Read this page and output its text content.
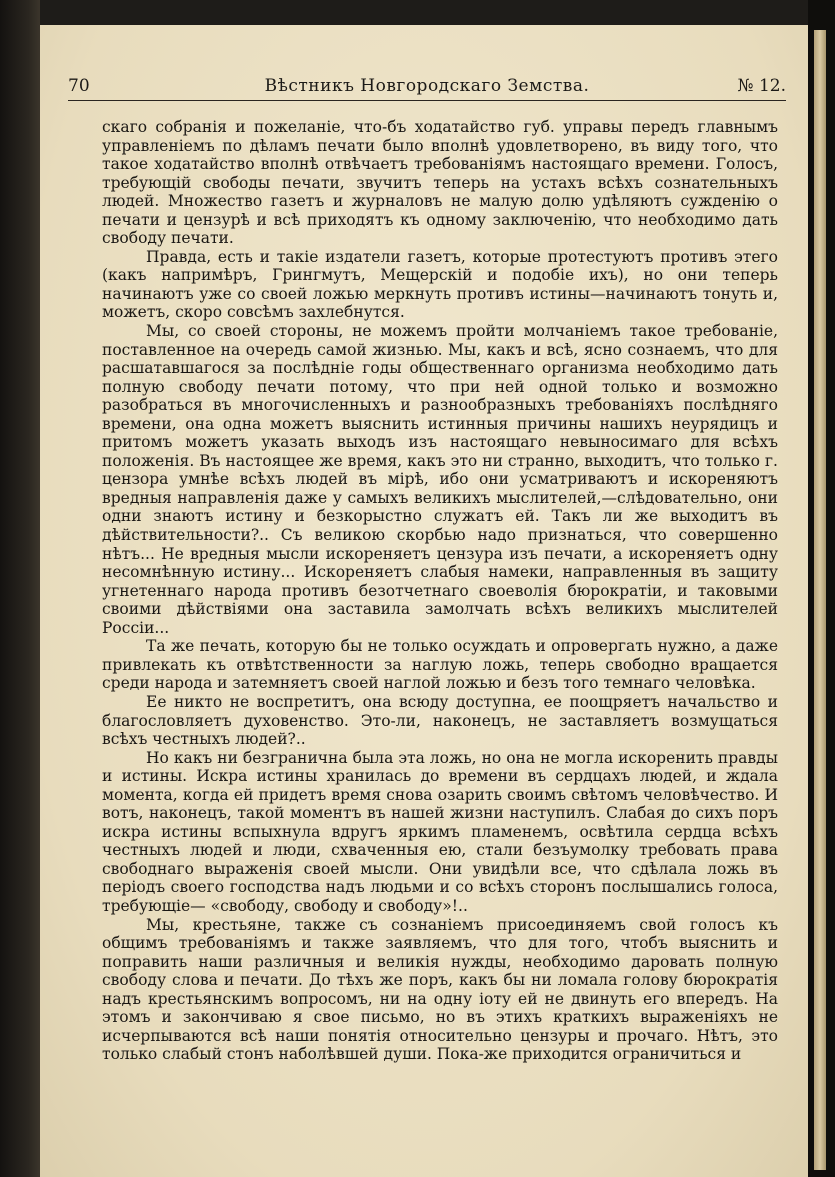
70	Вѣстникъ Новгородскаго Земства.	№ 12.

скаго собранія и пожеланіе, что-бъ ходатайство губ. управы передъ главнымъ управленіемъ по дѣламъ печати было вполнѣ удовлетворено, въ виду того, что такое ходатайство вполнѣ отвѣчаетъ требованіямъ настоящаго времени. Голосъ, требующій свободы печати, звучитъ теперь на устахъ всѣхъ сознательныхъ людей. Множество газетъ и журналовъ не малую долю удѣляютъ сужденію о печати и цензурѣ и всѣ приходятъ къ одному заключенію, что необходимо дать свободу печати.

Правда, есть и такіе издатели газетъ, которые протестуютъ противъ этего (какъ напримѣръ, Грингмутъ, Мещерскій и подобіе ихъ), но они теперь начинаютъ уже со своей ложью меркнуть противъ истины—начинаютъ тонуть и, можетъ, скоро совсѣмъ захлебнутся.

Мы, со своей стороны, не можемъ пройти молчаніемъ такое требованіе, поставленное на очередь самой жизнью. Мы, какъ и всѣ, ясно сознаемъ, что для расшатавшагося за послѣдніе годы общественнаго организма необходимо дать полную свободу печати потому, что при ней одной только и возможно разобраться въ многочисленныхъ и разнообразныхъ требованіяхъ послѣдняго времени, она одна можетъ выяснить истинныя причины нашихъ неурядицъ и притомъ можетъ указать выходъ изъ настоящаго невыносимаго для всѣхъ положенія. Въ настоящее же время, какъ это ни странно, выходитъ, что только г. цензора умнѣе всѣхъ людей въ мірѣ, ибо они усматриваютъ и искореняютъ вредныя направленія даже у самыхъ великихъ мыслителей,—слѣдовательно, они одни знаютъ истину и безкорыстно служатъ ей. Такъ ли же выходитъ въ дѣйствительности?.. Съ великою скорбью надо признаться, что совершенно нѣтъ... Не вредныя мысли искореняетъ цензура изъ печати, а искореняетъ одну несомнѣнную истину... Искореняетъ слабыя намеки, направленныя въ защиту угнетеннаго народа противъ безотчетнаго своеволія бюрократіи, и таковыми своими дѣйствіями она заставила замолчать всѣхъ великихъ мыслителей Россіи...

Та же печать, которую бы не только осуждать и опровергать нужно, а даже привлекать къ отвѣтственности за наглую ложь, теперь свободно вращается среди народа и затемняетъ своей наглой ложью и безъ того темнаго человѣка.

Ее никто не воспретитъ, она всюду доступна, ее поощряетъ начальство и благословляетъ духовенство. Это-ли, наконецъ, не заставляетъ возмущаться всѣхъ честныхъ людей?..

Но какъ ни безгранична была эта ложь, но она не могла искоренить правды и истины. Искра истины хранилась до времени въ сердцахъ людей, и ждала момента, когда ей придетъ время снова озарить своимъ свѣтомъ человѣчество. И вотъ, наконецъ, такой моментъ въ нашей жизни наступилъ. Слабая до сихъ поръ искра истины вспыхнула вдругъ яркимъ пламенемъ, освѣтила сердца всѣхъ честныхъ людей и люди, схваченныя ею, стали безъумолку требовать права свободнаго выраженія своей мысли. Они увидѣли все, что сдѣлала ложь въ періодъ своего господства надъ людьми и со всѣхъ сторонъ послышались голоса, требующіе— «свободу, свободу и свободу»!..

Мы, крестьяне, также съ сознаніемъ присоединяемъ свой голосъ къ общимъ требованіямъ и также заявляемъ, что для того, чтобъ выяснить и поправить наши различныя и великія нужды, необходимо даровать полную свободу слова и печати. До тѣхъ же поръ, какъ бы ни ломала голову бюрократія надъ крестьянскимъ вопросомъ, ни на одну іоту ей не двинуть его впередъ. На этомъ и закончиваю я свое письмо, но въ этихъ краткихъ выраженіяхъ не исчерпываются всѣ наши понятія относительно цензуры и прочаго. Нѣтъ, это только слабый стонъ наболѣвшей души. Пока-же приходится ограничиться и
